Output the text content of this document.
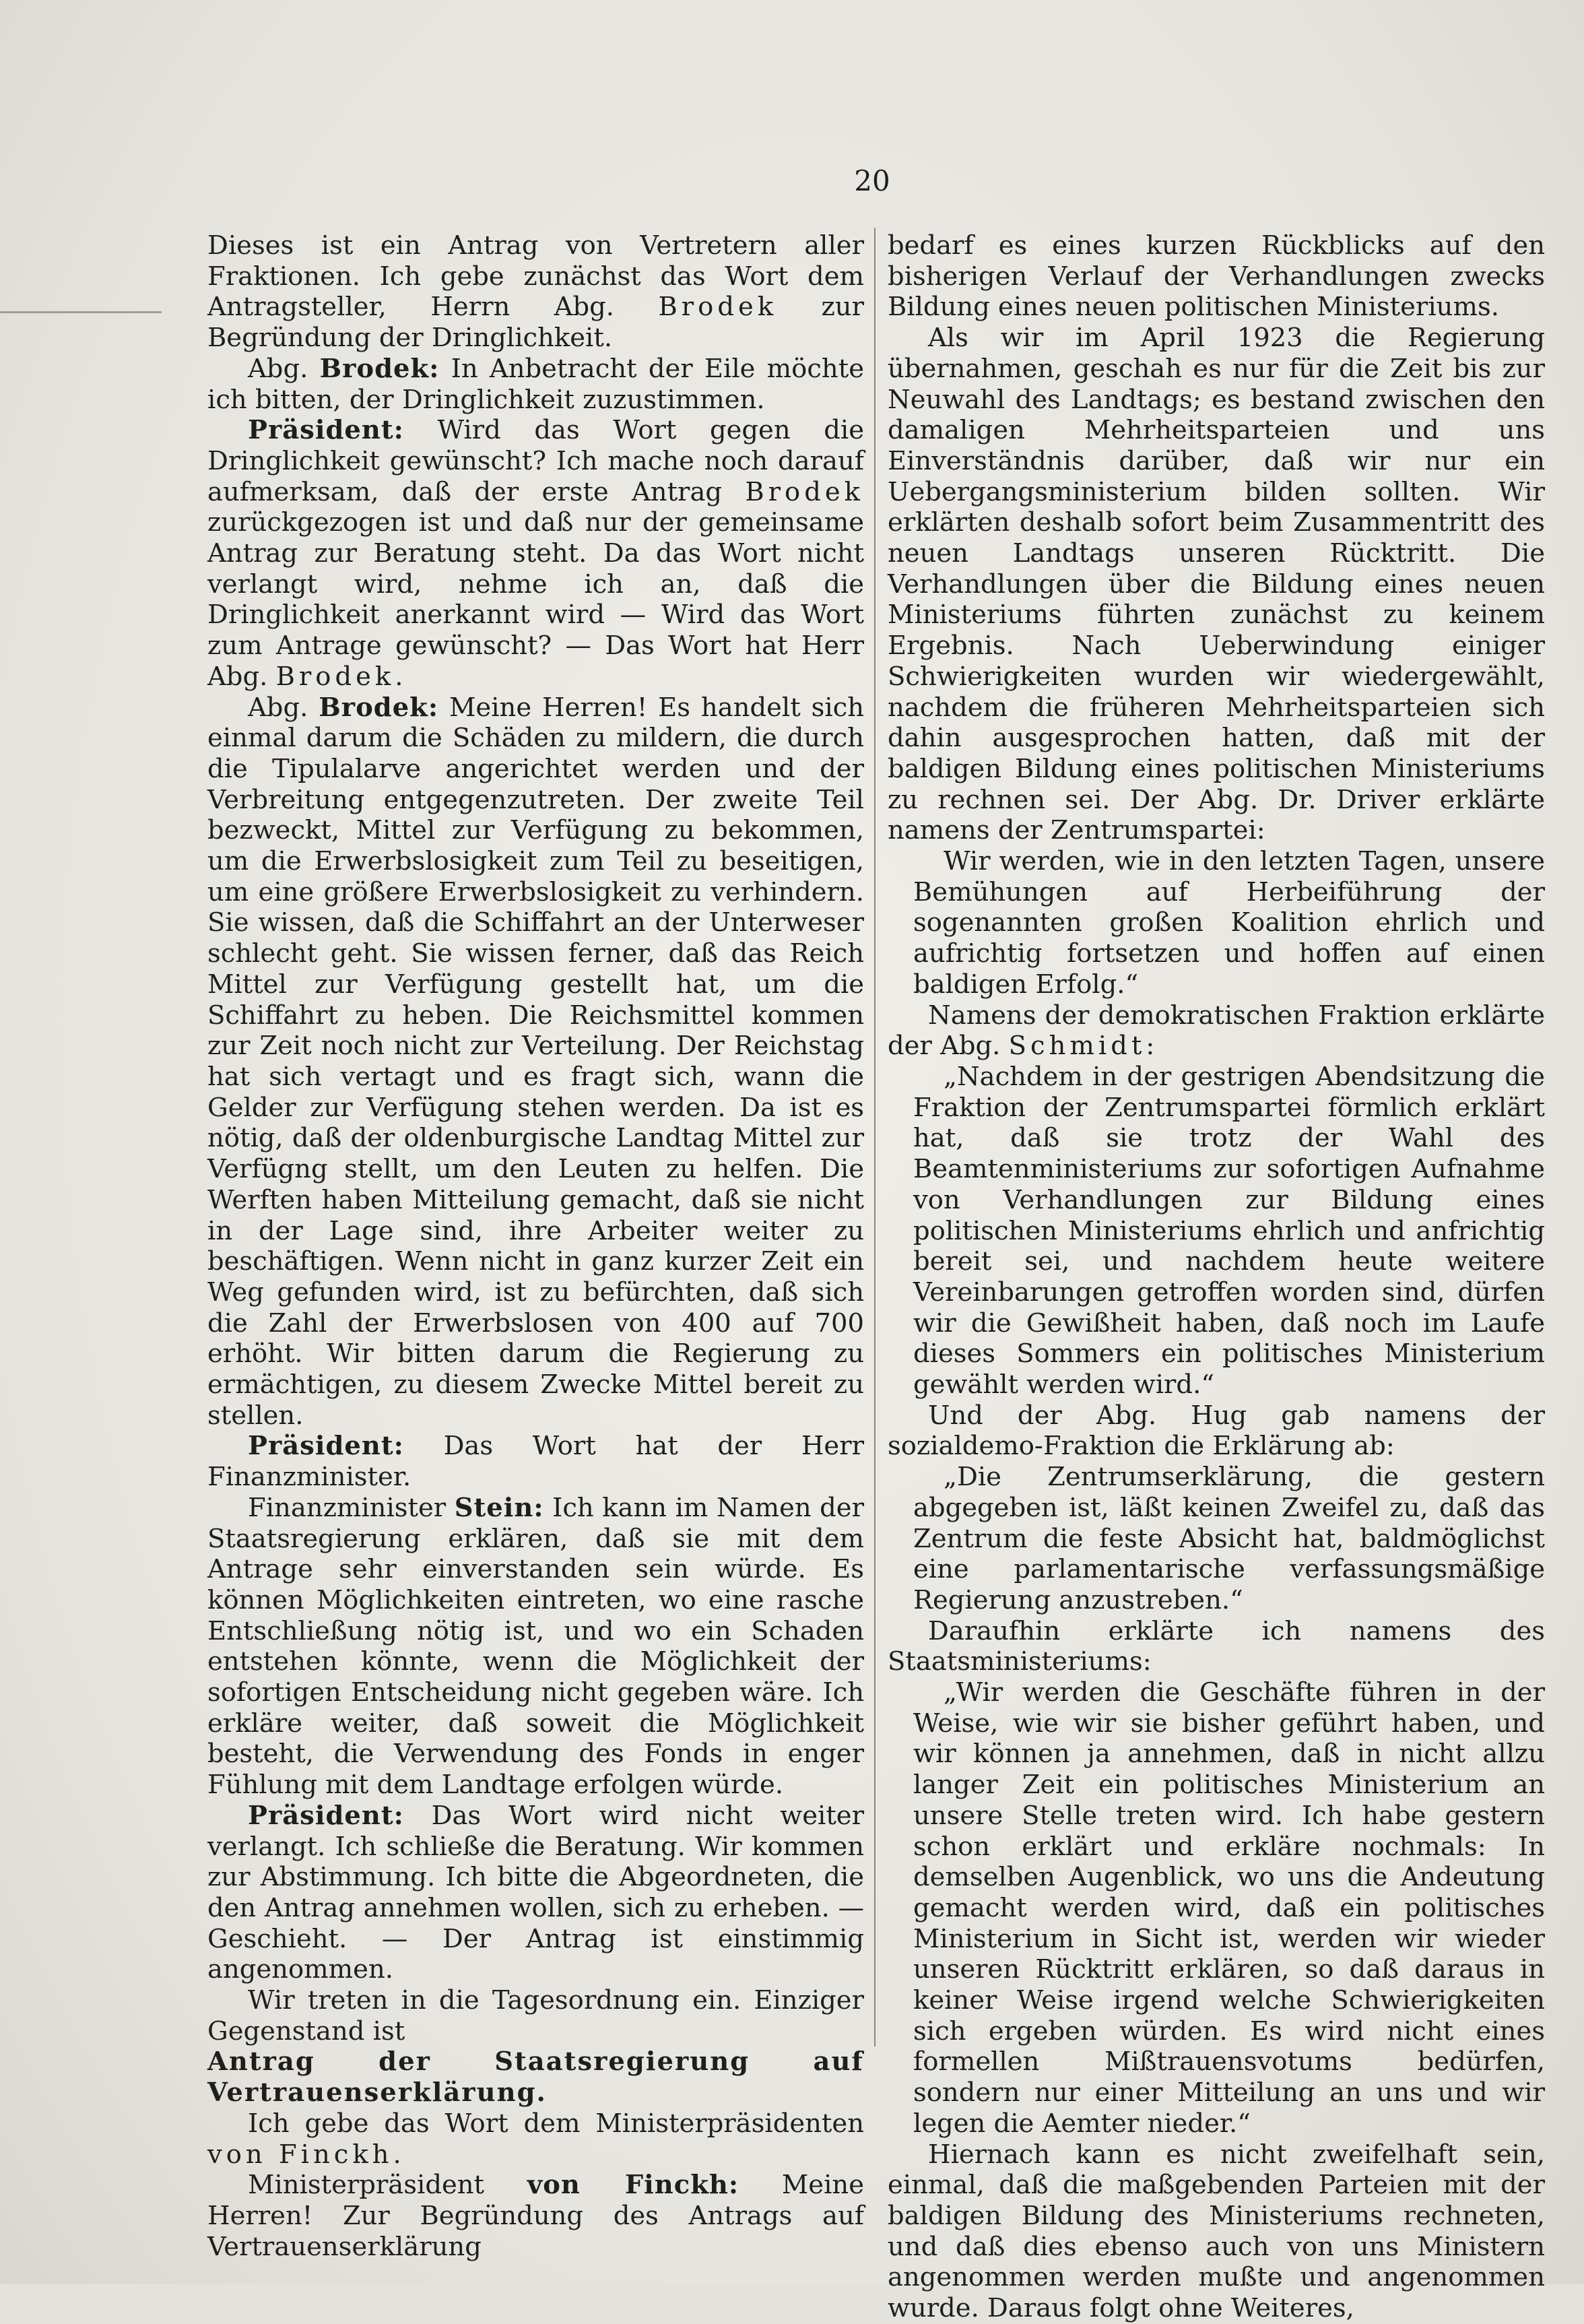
20

Dieses ist ein Antrag von Vertretern aller Fraktionen. Ich gebe zunächst das Wort dem Antragsteller, Herrn Abg. Brodek zur Begründung der Dringlichkeit.

Abg. Brodek: In Anbetracht der Eile möchte ich bitten, der Dringlichkeit zuzustimmen.

Präsident: Wird das Wort gegen die Dringlichkeit gewünscht? Ich mache noch darauf aufmerksam, daß der erste Antrag Brodek zurückgezogen ist und daß nur der gemeinsame Antrag zur Beratung steht. Da das Wort nicht verlangt wird, nehme ich an, daß die Dringlichkeit anerkannt wird — Wird das Wort zum Antrage gewünscht? — Das Wort hat Herr Abg. Brodek.

Abg. Brodek: Meine Herren! Es handelt sich einmal darum die Schäden zu mildern, die durch die Tipulalarve angerichtet werden und der Verbreitung entgegenzutreten. Der zweite Teil bezweckt, Mittel zur Verfügung zu bekommen, um die Erwerbslosigkeit zum Teil zu beseitigen, um eine größere Erwerbslosigkeit zu verhindern. Sie wissen, daß die Schiffahrt an der Unterweser schlecht geht. Sie wissen ferner, daß das Reich Mittel zur Verfügung gestellt hat, um die Schiffahrt zu heben. Die Reichsmittel kommen zur Zeit noch nicht zur Verteilung. Der Reichstag hat sich vertagt und es fragt sich, wann die Gelder zur Verfügung stehen werden. Da ist es nötig, daß der oldenburgische Landtag Mittel zur Verfügng stellt, um den Leuten zu helfen. Die Werften haben Mitteilung gemacht, daß sie nicht in der Lage sind, ihre Arbeiter weiter zu beschäftigen. Wenn nicht in ganz kurzer Zeit ein Weg gefunden wird, ist zu befürchten, daß sich die Zahl der Erwerbslosen von 400 auf 700 erhöht. Wir bitten darum die Regierung zu ermächtigen, zu diesem Zwecke Mittel bereit zu stellen.

Präsident: Das Wort hat der Herr Finanzminister.

Finanzminister Stein: Ich kann im Namen der Staatsregierung erklären, daß sie mit dem Antrage sehr einverstanden sein würde. Es können Möglichkeiten eintreten, wo eine rasche Entschließung nötig ist, und wo ein Schaden entstehen könnte, wenn die Möglichkeit der sofortigen Entscheidung nicht gegeben wäre. Ich erkläre weiter, daß soweit die Möglichkeit besteht, die Verwendung des Fonds in enger Fühlung mit dem Landtage erfolgen würde.

Präsident: Das Wort wird nicht weiter verlangt. Ich schließe die Beratung. Wir kommen zur Abstimmung. Ich bitte die Abgeordneten, die den Antrag annehmen wollen, sich zu erheben. — Geschieht. — Der Antrag ist einstimmig angenommen.

Wir treten in die Tagesordnung ein. Einziger Gegenstand ist

Antrag der Staatsregierung auf Vertrauenserklärung.

Ich gebe das Wort dem Ministerpräsidenten von Finckh.

Ministerpräsident von Finckh: Meine Herren! Zur Begründung des Antrags auf Vertrauenserklärung

bedarf es eines kurzen Rückblicks auf den bisherigen Verlauf der Verhandlungen zwecks Bildung eines neuen politischen Ministeriums.

Als wir im April 1923 die Regierung übernahmen, geschah es nur für die Zeit bis zur Neuwahl des Landtags; es bestand zwischen den damaligen Mehrheitsparteien und uns Einverständnis darüber, daß wir nur ein Uebergangsministerium bilden sollten. Wir erklärten deshalb sofort beim Zusammentritt des neuen Landtags unseren Rücktritt. Die Verhandlungen über die Bildung eines neuen Ministeriums führten zunächst zu keinem Ergebnis. Nach Ueberwindung einiger Schwierigkeiten wurden wir wiedergewählt, nachdem die früheren Mehrheitsparteien sich dahin ausgesprochen hatten, daß mit der baldigen Bildung eines politischen Ministeriums zu rechnen sei. Der Abg. Dr. Driver erklärte namens der Zentrumspartei:

Wir werden, wie in den letzten Tagen, unsere Bemühungen auf Herbeiführung der sogenannten großen Koalition ehrlich und aufrichtig fortsetzen und hoffen auf einen baldigen Erfolg.“

Namens der demokratischen Fraktion erklärte der Abg. Schmidt:

„Nachdem in der gestrigen Abendsitzung die Fraktion der Zentrumspartei förmlich erklärt hat, daß sie trotz der Wahl des Beamtenministeriums zur sofortigen Aufnahme von Verhandlungen zur Bildung eines politischen Ministeriums ehrlich und anfrichtig bereit sei, und nachdem heute weitere Vereinbarungen getroffen worden sind, dürfen wir die Gewißheit haben, daß noch im Laufe dieses Sommers ein politisches Ministerium gewählt werden wird.“

Und der Abg. Hug gab namens der sozialdemo-Fraktion die Erklärung ab:

„Die Zentrumserklärung, die gestern abgegeben ist, läßt keinen Zweifel zu, daß das Zentrum die feste Absicht hat, baldmöglichst eine parlamentarische verfassungsmäßige Regierung anzustreben.“

Daraufhin erklärte ich namens des Staatsministeriums:

„Wir werden die Geschäfte führen in der Weise, wie wir sie bisher geführt haben, und wir können ja annehmen, daß in nicht allzu langer Zeit ein politisches Ministerium an unsere Stelle treten wird. Ich habe gestern schon erklärt und erkläre nochmals: In demselben Augenblick, wo uns die Andeutung gemacht werden wird, daß ein politisches Ministerium in Sicht ist, werden wir wieder unseren Rücktritt erklären, so daß daraus in keiner Weise irgend welche Schwierigkeiten sich ergeben würden. Es wird nicht eines formellen Mißtrauensvotums bedürfen, sondern nur einer Mitteilung an uns und wir legen die Aemter nieder.“

Hiernach kann es nicht zweifelhaft sein, einmal, daß die maßgebenden Parteien mit der baldigen Bildung des Ministeriums rechneten, und daß dies ebenso auch von uns Ministern angenommen werden mußte und angenommen wurde. Daraus folgt ohne Weiteres,
